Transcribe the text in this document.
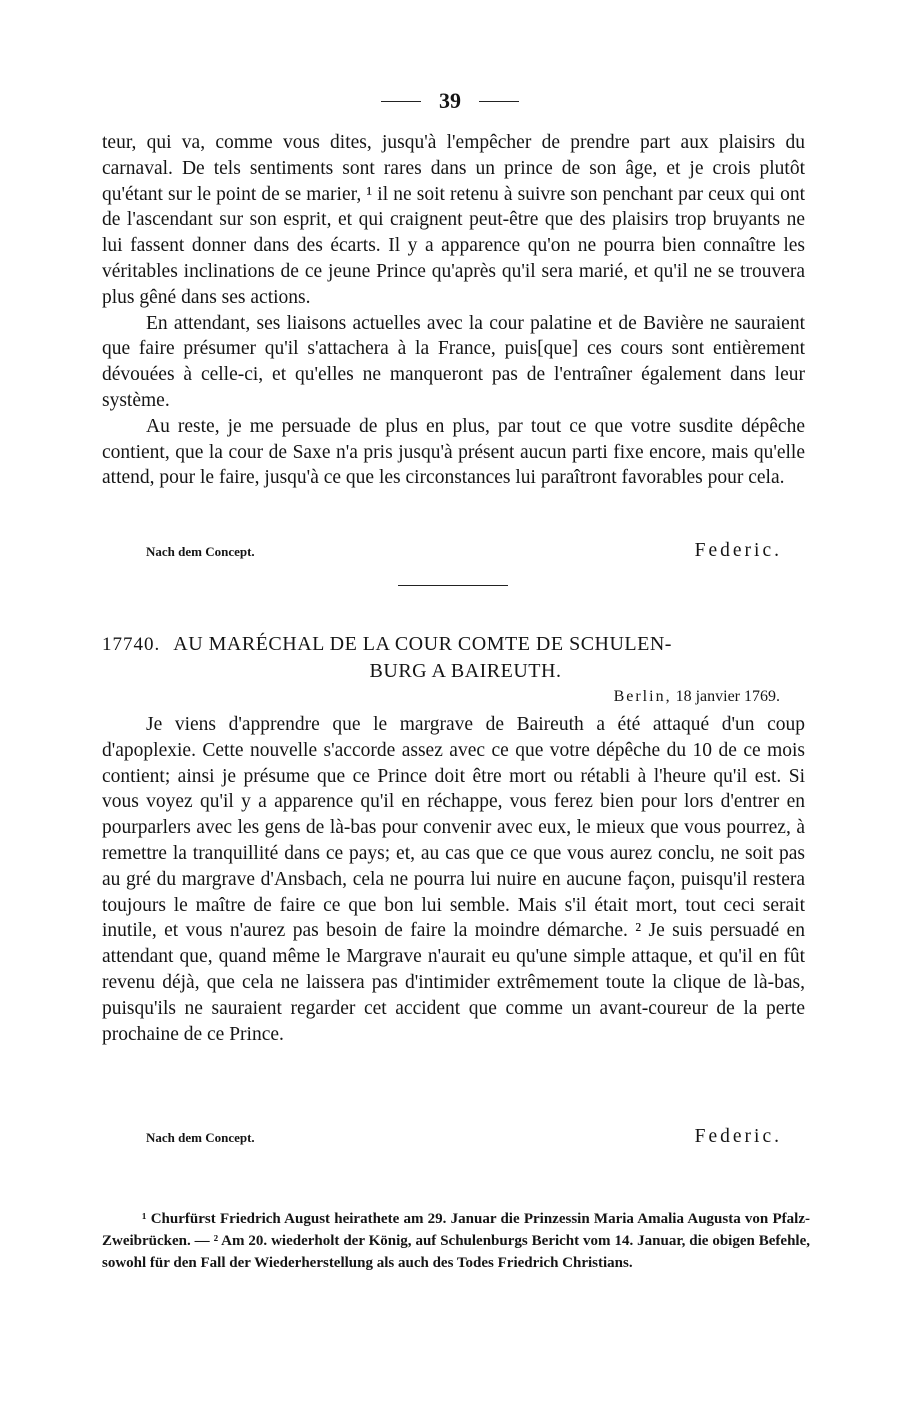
39

teur, qui va, comme vous dites, jusqu'à l'empêcher de prendre part aux plaisirs du carnaval. De tels sentiments sont rares dans un prince de son âge, et je crois plutôt qu'étant sur le point de se marier, ¹ il ne soit retenu à suivre son penchant par ceux qui ont de l'ascendant sur son esprit, et qui craignent peut-être que des plaisirs trop bruyants ne lui fassent donner dans des écarts. Il y a apparence qu'on ne pourra bien connaître les véritables inclinations de ce jeune Prince qu'après qu'il sera marié, et qu'il ne se trouvera plus gêné dans ses actions.

En attendant, ses liaisons actuelles avec la cour palatine et de Bavière ne sauraient que faire présumer qu'il s'attachera à la France, puis[que] ces cours sont entièrement dévouées à celle-ci, et qu'elles ne manqueront pas de l'entraîner également dans leur système.

Au reste, je me persuade de plus en plus, par tout ce que votre susdite dépêche contient, que la cour de Saxe n'a pris jusqu'à présent aucun parti fixe encore, mais qu'elle attend, pour le faire, jusqu'à ce que les circonstances lui paraîtront favorables pour cela.

Nach dem Concept.	Federic.
17740. AU MARÉCHAL DE LA COUR COMTE DE SCHULEN-
BURG A BAIREUTH.
Berlin, 18 janvier 1769.

Je viens d'apprendre que le margrave de Baireuth a été attaqué d'un coup d'apoplexie. Cette nouvelle s'accorde assez avec ce que votre dépêche du 10 de ce mois contient; ainsi je présume que ce Prince doit être mort ou rétabli à l'heure qu'il est. Si vous voyez qu'il y a apparence qu'il en réchappe, vous ferez bien pour lors d'entrer en pourparlers avec les gens de là-bas pour convenir avec eux, le mieux que vous pourrez, à remettre la tranquillité dans ce pays; et, au cas que ce que vous aurez conclu, ne soit pas au gré du margrave d'Ansbach, cela ne pourra lui nuire en aucune façon, puisqu'il restera toujours le maître de faire ce que bon lui semble. Mais s'il était mort, tout ceci serait inutile, et vous n'aurez pas besoin de faire la moindre démarche. ² Je suis persuadé en attendant que, quand même le Margrave n'aurait eu qu'une simple attaque, et qu'il en fût revenu déjà, que cela ne laissera pas d'intimider extrêmement toute la clique de là-bas, puisqu'ils ne sauraient regarder cet accident que comme un avant-coureur de la perte prochaine de ce Prince.

Nach dem Concept.	Federic.

¹ Churfürst Friedrich August heirathete am 29. Januar die Prinzessin Maria Amalia Augusta von Pfalz-Zweibrücken. — ² Am 20. wiederholt der König, auf Schulenburgs Bericht vom 14. Januar, die obigen Befehle, sowohl für den Fall der Wiederherstellung als auch des Todes Friedrich Christians.
